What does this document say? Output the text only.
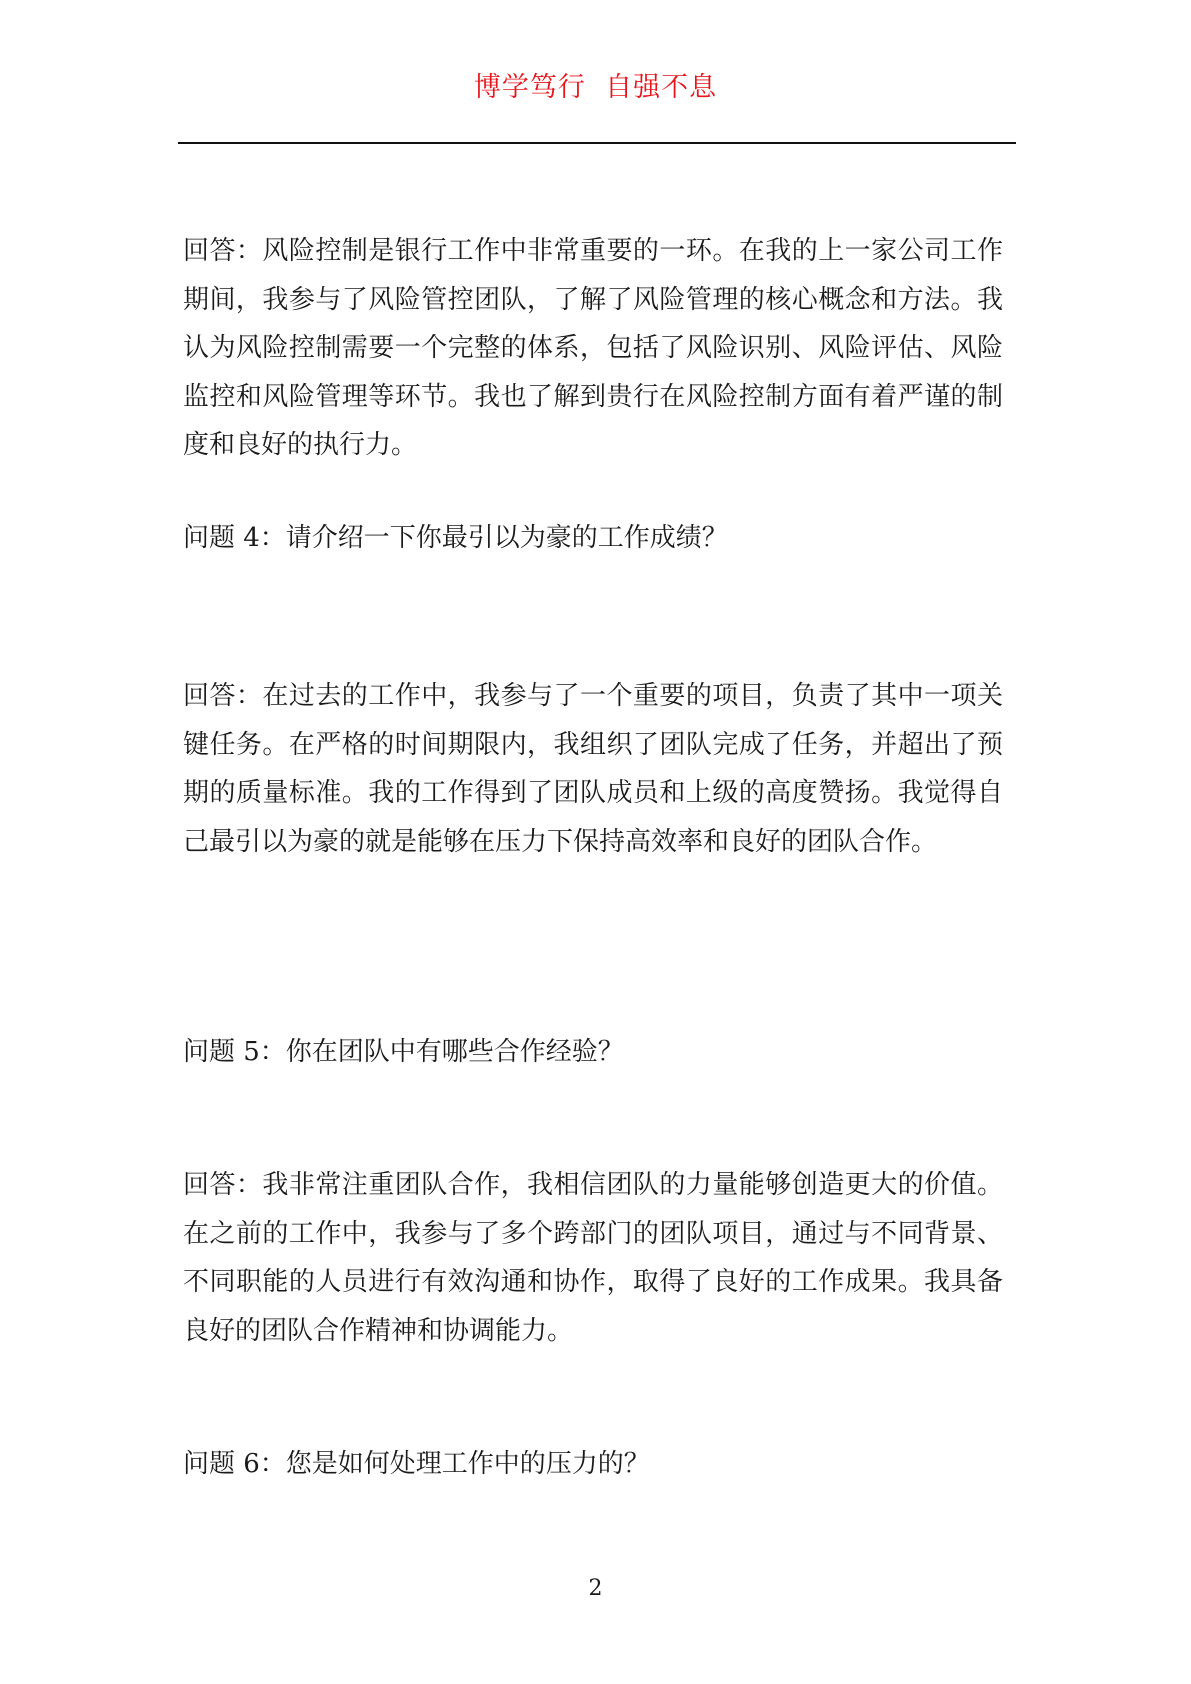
博学笃行  自强不息

回答：风险控制是银行工作中非常重要的一环。在我的上一家公司工作期间，我参与了风险管控团队，了解了风险管理的核心概念和方法。我认为风险控制需要一个完整的体系，包括了风险识别、风险评估、风险监控和风险管理等环节。我也了解到贵行在风险控制方面有着严谨的制度和良好的执行力。

问题 4：请介绍一下你最引以为豪的工作成绩？

回答：在过去的工作中，我参与了一个重要的项目，负责了其中一项关键任务。在严格的时间期限内，我组织了团队完成了任务，并超出了预期的质量标准。我的工作得到了团队成员和上级的高度赞扬。我觉得自己最引以为豪的就是能够在压力下保持高效率和良好的团队合作。

问题 5：你在团队中有哪些合作经验？

回答：我非常注重团队合作，我相信团队的力量能够创造更大的价值。在之前的工作中，我参与了多个跨部门的团队项目，通过与不同背景、不同职能的人员进行有效沟通和协作，取得了良好的工作成果。我具备良好的团队合作精神和协调能力。

问题 6：您是如何处理工作中的压力的？

2
